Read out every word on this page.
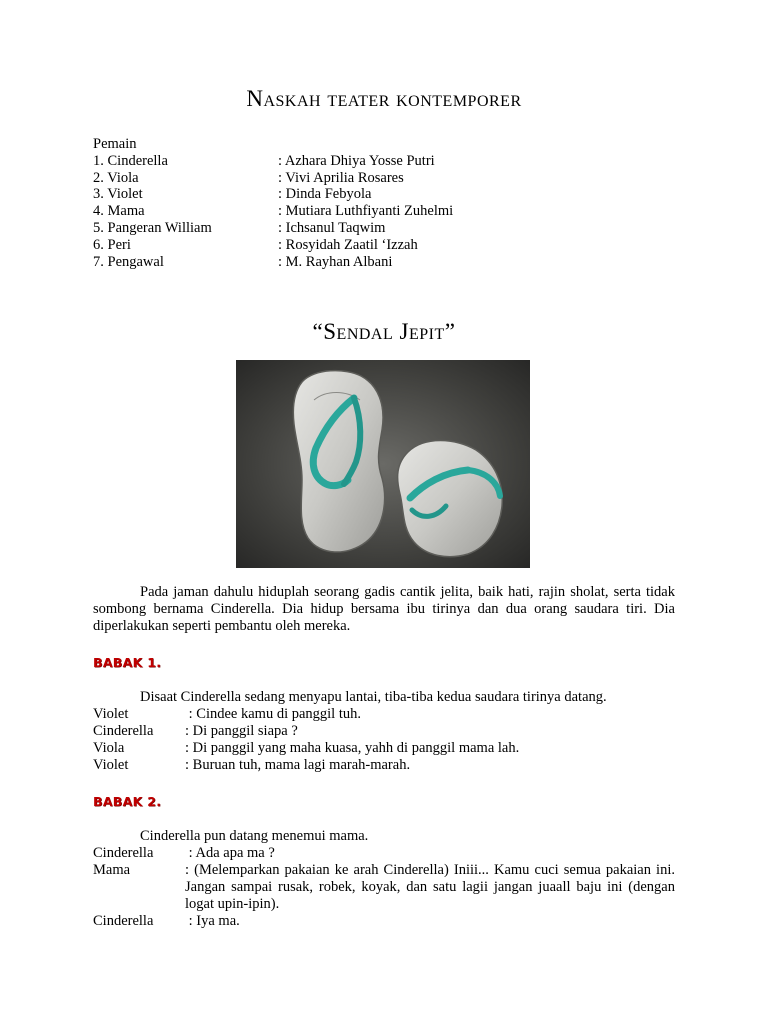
Naskah teater kontemporer
Pemain
1. Cinderella	: Azhara Dhiya Yosse Putri
2. Viola	: Vivi Aprilia Rosares
3. Violet	: Dinda Febyola
4. Mama	: Mutiara Luthfiyanti Zuhelmi
5. Pangeran William	: Ichsanul Taqwim
6. Peri	: Rosyidah Zaatil ‘Izzah
7. Pengawal	: M. Rayhan Albani
“Sendal Jepit”
Pada jaman dahulu hiduplah seorang gadis cantik jelita, baik hati, rajin sholat, serta tidak sombong bernama Cinderella. Dia hidup bersama ibu tirinya dan dua orang saudara tiri. Dia diperlakukan seperti pembantu oleh mereka.
BABAK 1.
Disaat Cinderella sedang menyapu lantai, tiba-tiba kedua saudara tirinya datang.
Violet	: Cindee kamu di panggil tuh.
Cinderella : Di panggil siapa ?
Viola	: Di panggil yang maha kuasa, yahh di panggil mama lah.
Violet	: Buruan tuh, mama lagi marah-marah.
BABAK 2.
Cinderella pun datang menemui mama.
Cinderella : Ada apa ma ?
Mama	: (Melemparkan pakaian ke arah Cinderella) Iniii... Kamu cuci semua pakaian ini. Jangan sampai rusak, robek, koyak, dan satu lagii jangan juaall baju ini (dengan logat upin-ipin).
Cinderella : Iya ma.
